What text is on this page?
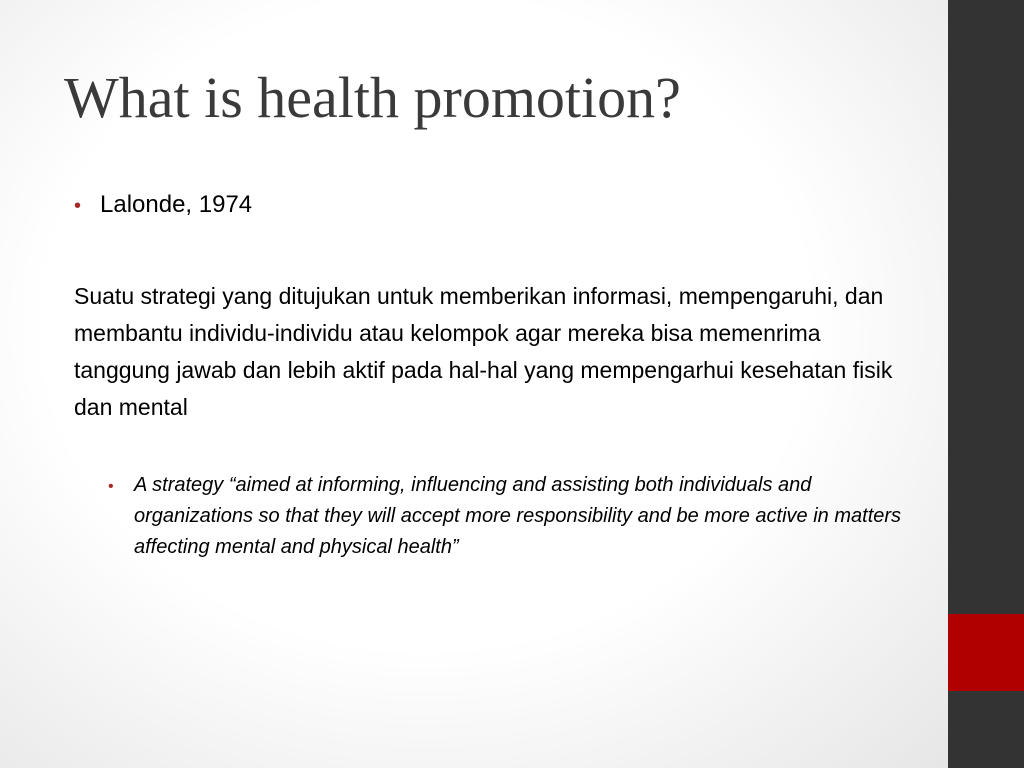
What is health promotion?
• Lalonde, 1974

Suatu strategi yang ditujukan untuk memberikan informasi, mempengaruhi, dan membantu individu-individu atau kelompok agar mereka bisa memenrima tanggung jawab dan lebih aktif pada hal-hal yang mempengarhui kesehatan fisik dan mental

•	A strategy “aimed at informing, influencing and assisting both individuals and organizations so that they will accept more responsibility and be more active in matters affecting mental and physical health”
